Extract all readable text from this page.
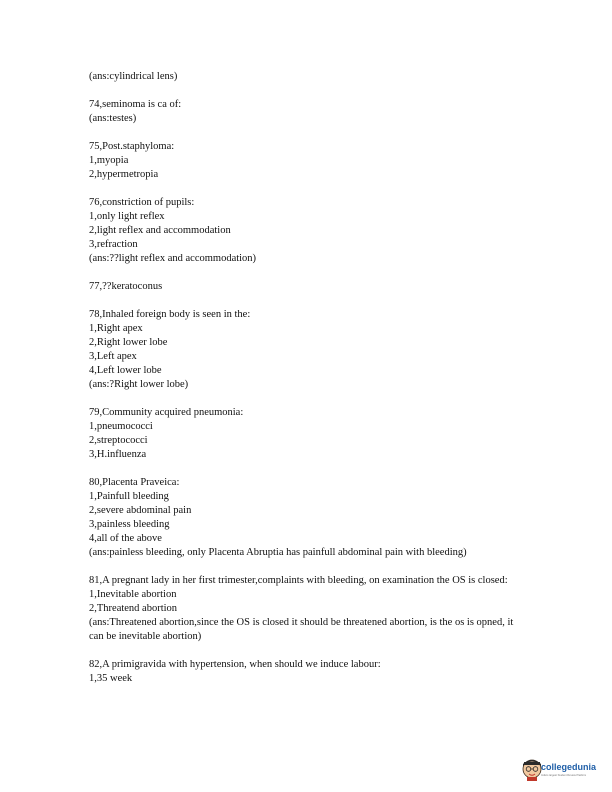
(ans:cylindrical lens)
74,seminoma is ca of:
(ans:testes)
75,Post.staphyloma:
1,myopia
2,hypermetropia
76,constriction of pupils:
1,only light reflex
2,light reflex and accommodation
3,refraction
(ans:??light reflex and accommodation)
77,??keratoconus
78,Inhaled foreign body is seen in the:
1,Right apex
2,Right lower lobe
3,Left apex
4,Left lower lobe
(ans:?Right lower lobe)
79,Community acquired pneumonia:
1,pneumococci
2,streptococci
3,H.influenza
80,Placenta Praveica:
1,Painfull bleeding
2,severe abdominal pain
3,painless bleeding
4,all of the above
(ans:painless bleeding, only Placenta Abruptia has painfull abdominal pain with bleeding)
81,A pregnant lady in her first trimester,complaints with bleeding, on examination the OS is closed:
1,Inevitable abortion
2,Threatend abortion
(ans:Threatened abortion,since the OS is closed it should be threatened abortion, is the os is opned, it can be inevitable abortion)
82,A primigravida with hypertension, when should we induce labour:
1,35 week
collegedunia
India's largest Student Review Platform
